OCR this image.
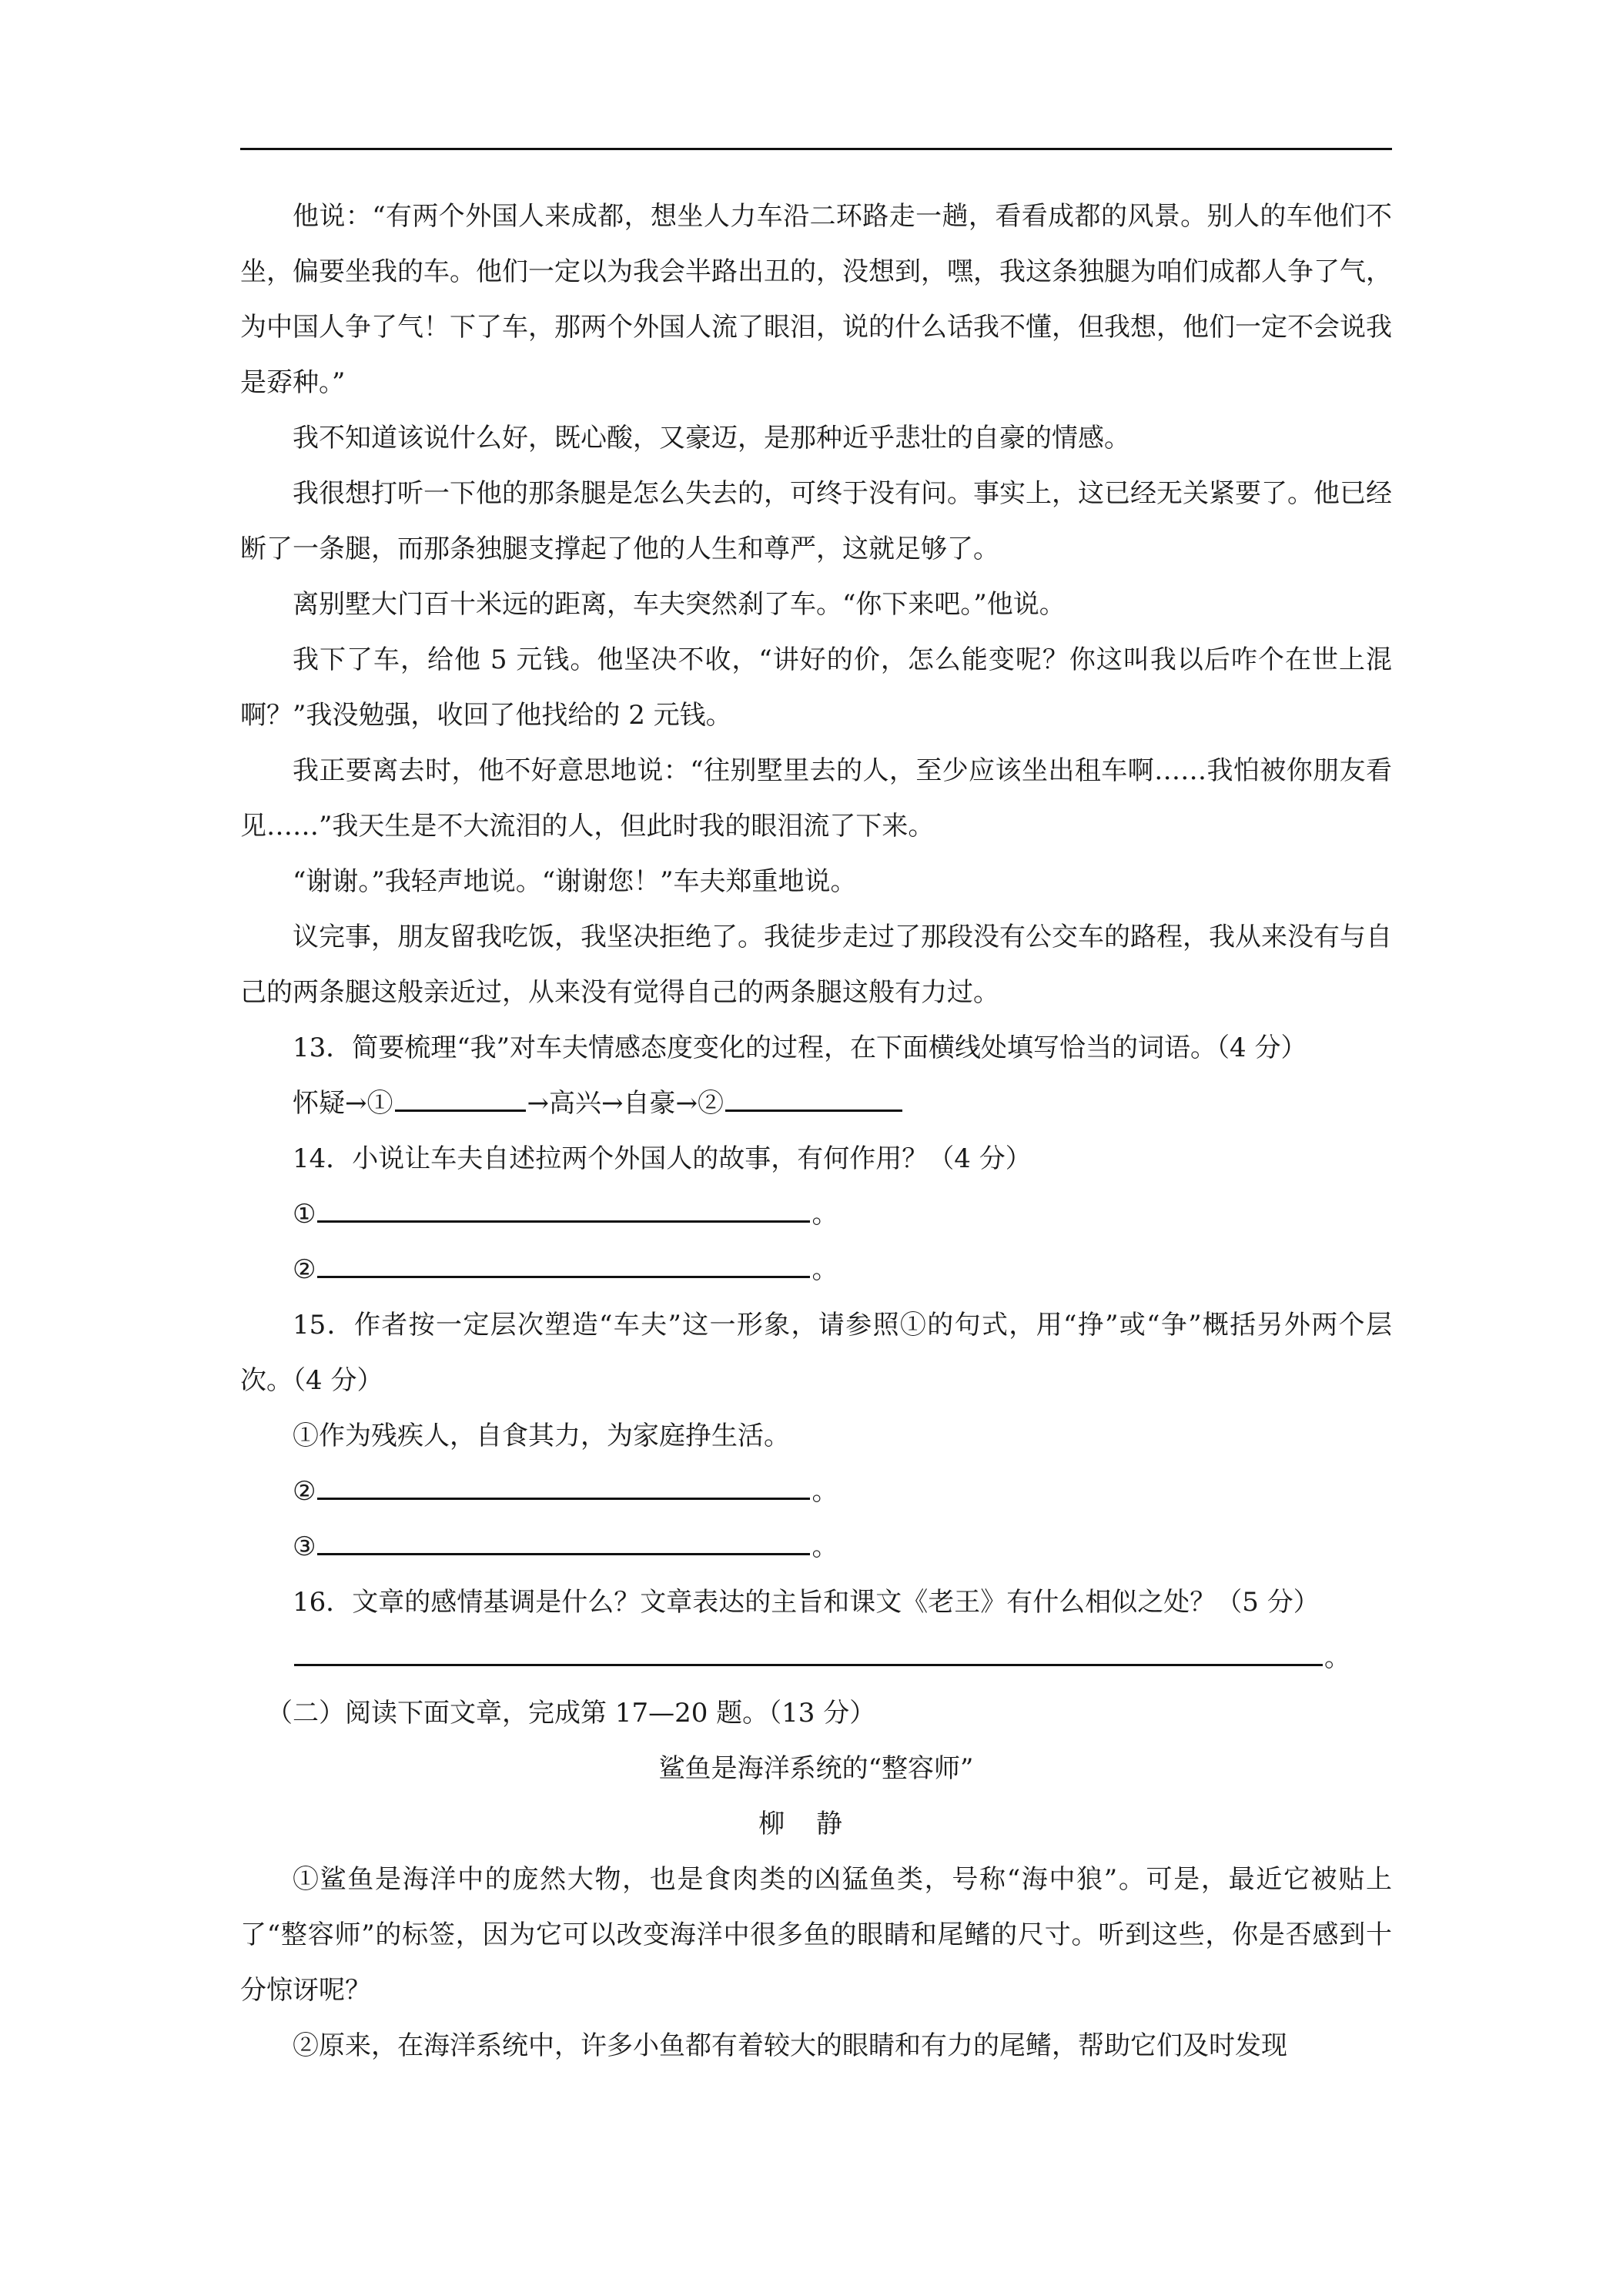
他说：“有两个外国人来成都，想坐人力车沿二环路走一趟，看看成都的风景。别人的车他们不坐，偏要坐我的车。他们一定以为我会半路出丑的，没想到，嘿，我这条独腿为咱们成都人争了气，为中国人争了气！下了车，那两个外国人流了眼泪，说的什么话我不懂，但我想，他们一定不会说我是孬种。”

我不知道该说什么好，既心酸，又豪迈，是那种近乎悲壮的自豪的情感。

我很想打听一下他的那条腿是怎么失去的，可终于没有问。事实上，这已经无关紧要了。他已经断了一条腿，而那条独腿支撑起了他的人生和尊严，这就足够了。

离别墅大门百十米远的距离，车夫突然刹了车。“你下来吧。”他说。

我下了车，给他 5 元钱。他坚决不收，“讲好的价，怎么能变呢？你这叫我以后咋个在世上混啊？”我没勉强，收回了他找给的 2 元钱。

我正要离去时，他不好意思地说：“往别墅里去的人，至少应该坐出租车啊……我怕被你朋友看见……”我天生是不大流泪的人，但此时我的眼泪流了下来。

“谢谢。”我轻声地说。“谢谢您！”车夫郑重地说。

议完事，朋友留我吃饭，我坚决拒绝了。我徒步走过了那段没有公交车的路程，我从来没有与自己的两条腿这般亲近过，从来没有觉得自己的两条腿这般有力过。

13．简要梳理“我”对车夫情感态度变化的过程，在下面横线处填写恰当的词语。（4 分）

怀疑→①	→高兴→自豪→②

14．小说让车夫自述拉两个外国人的故事，有何作用？（4 分）

①	。

②	。

15．作者按一定层次塑造“车夫”这一形象，请参照①的句式，用“挣”或“争”概括另外两个层次。（4 分）

①作为残疾人，自食其力，为家庭挣生活。

②	。

③	。

16．文章的感情基调是什么？文章表达的主旨和课文《老王》有什么相似之处？（5 分）

。

（二）阅读下面文章，完成第 17—20 题。（13 分）

鲨鱼是海洋系统的“整容师”

柳静

①鲨鱼是海洋中的庞然大物，也是食肉类的凶猛鱼类，号称“海中狼”。可是，最近它被贴上了“整容师”的标签，因为它可以改变海洋中很多鱼的眼睛和尾鳍的尺寸。听到这些，你是否感到十分惊讶呢？

②原来，在海洋系统中，许多小鱼都有着较大的眼睛和有力的尾鳍，帮助它们及时发现
